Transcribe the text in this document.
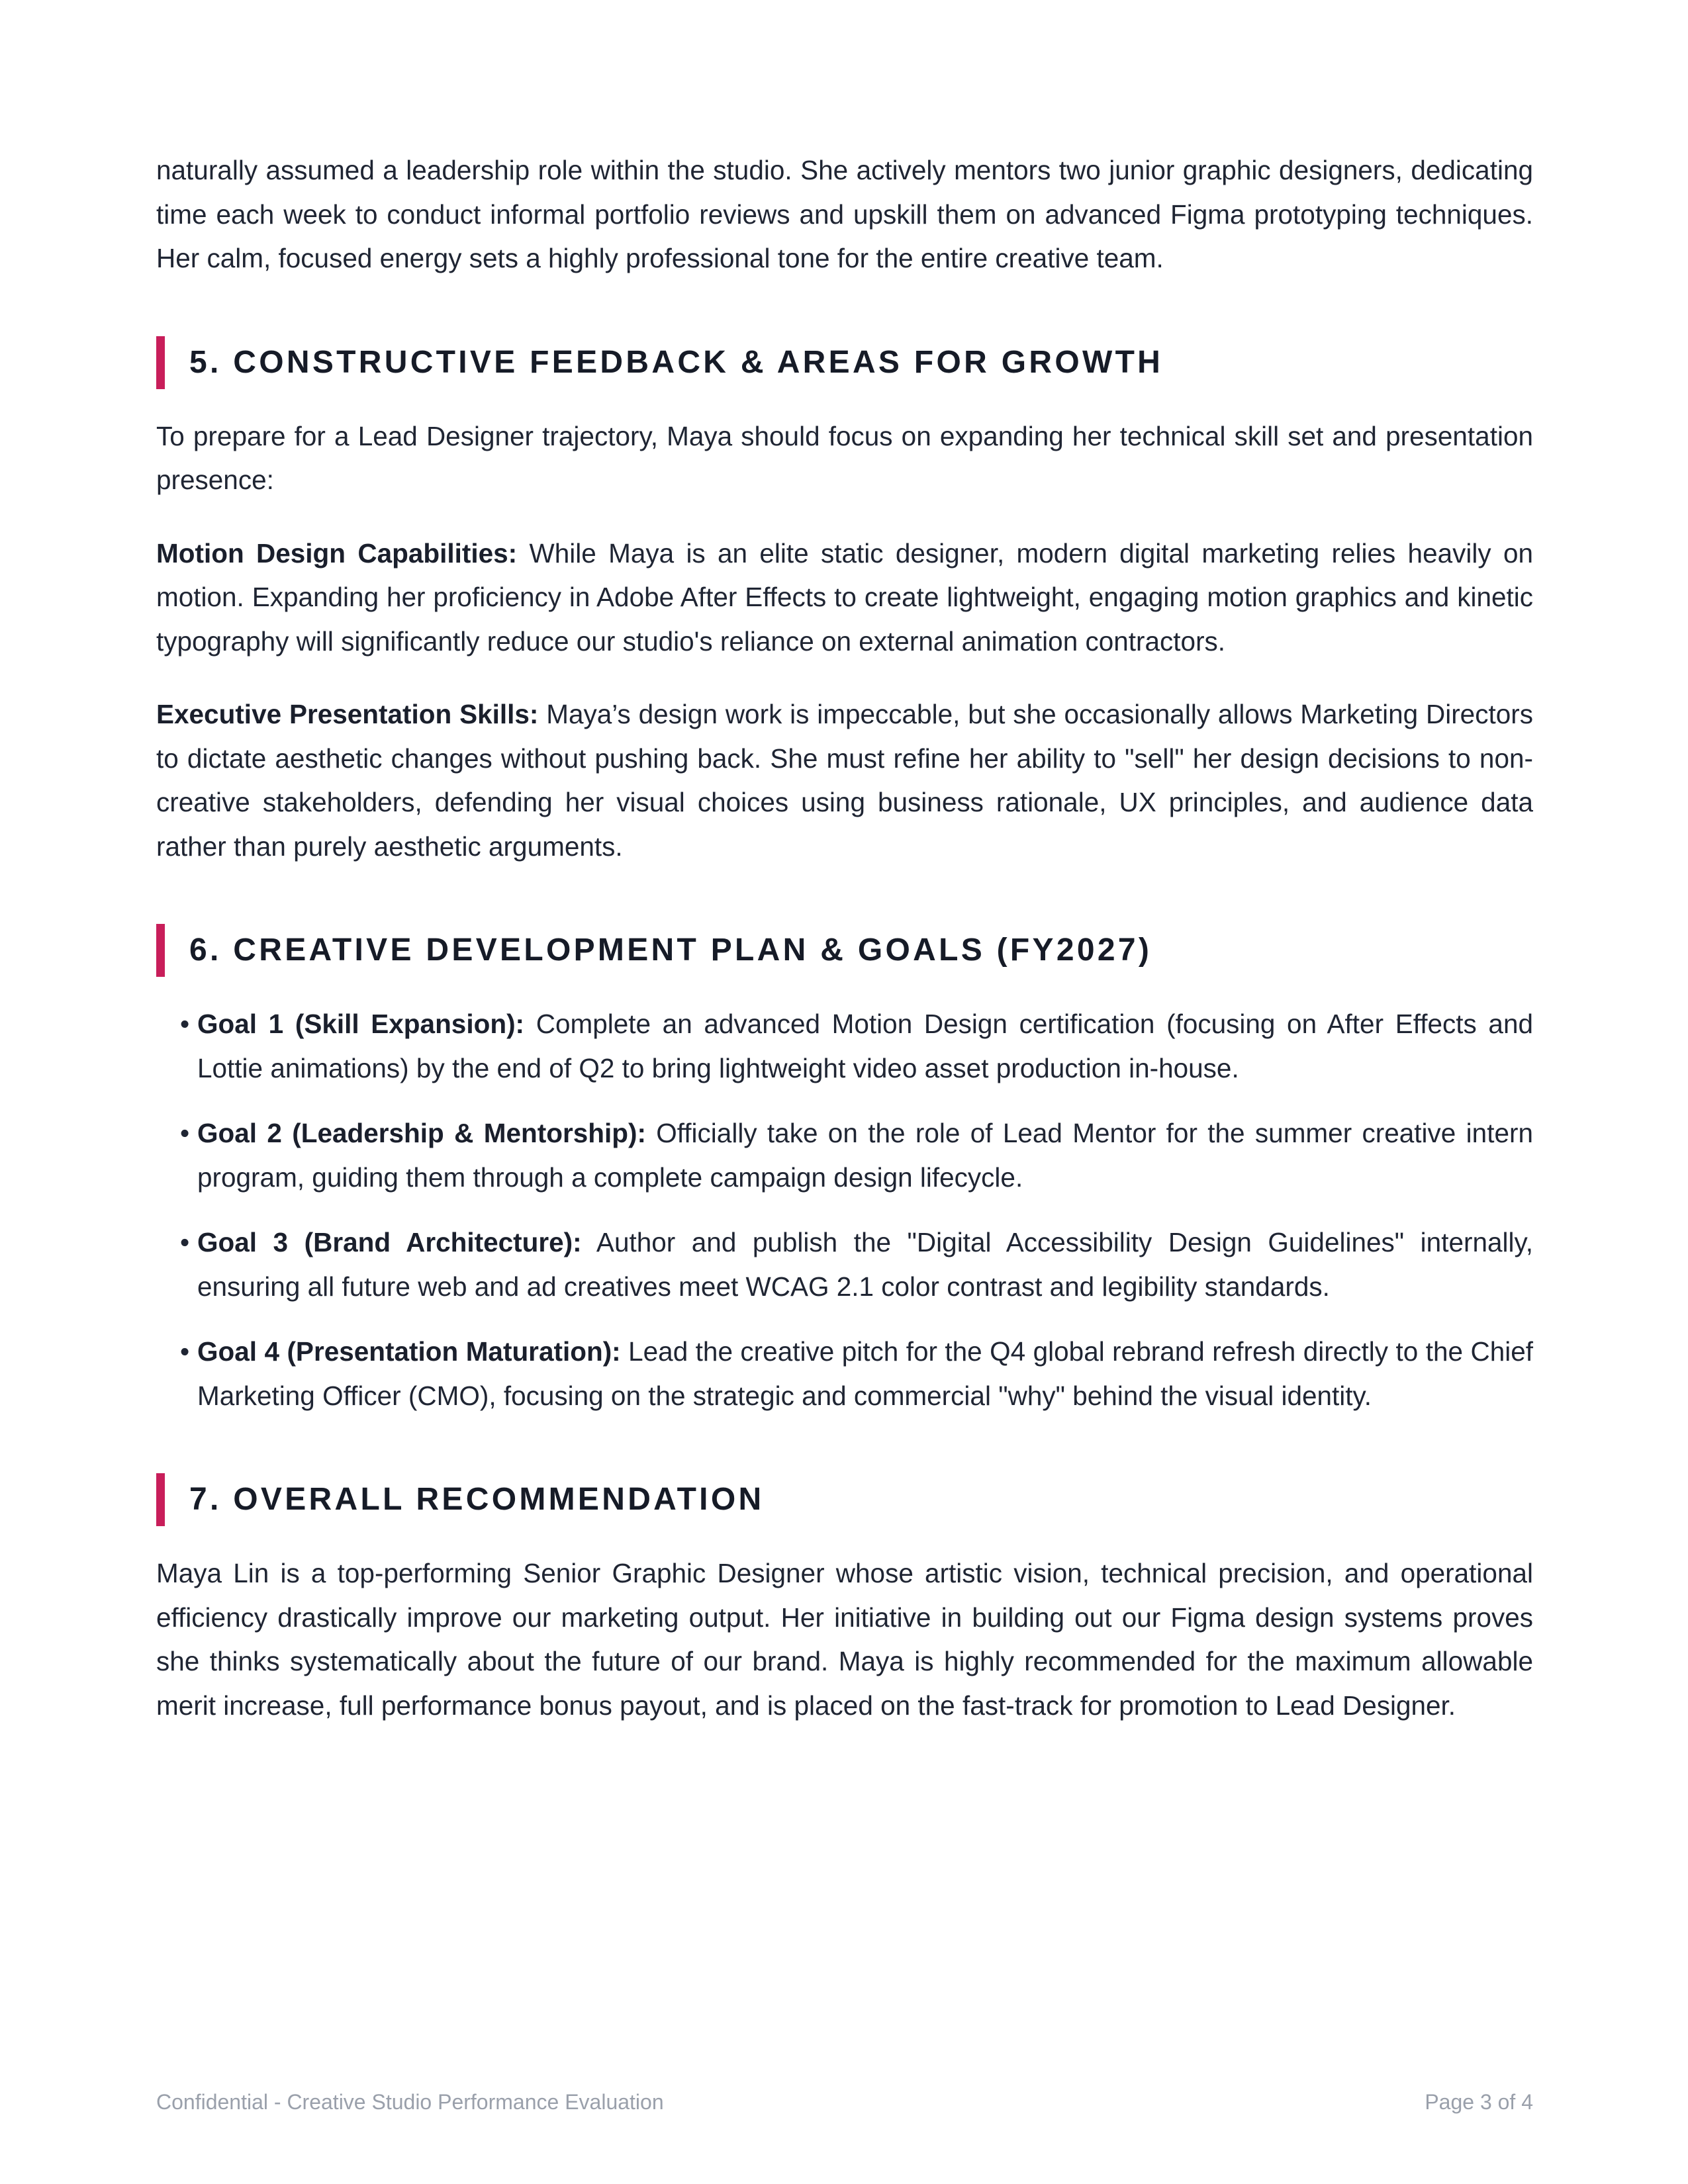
naturally assumed a leadership role within the studio. She actively mentors two junior graphic designers, dedicating time each week to conduct informal portfolio reviews and upskill them on advanced Figma prototyping techniques. Her calm, focused energy sets a highly professional tone for the entire creative team.

5. CONSTRUCTIVE FEEDBACK & AREAS FOR GROWTH

To prepare for a Lead Designer trajectory, Maya should focus on expanding her technical skill set and presentation presence:

Motion Design Capabilities: While Maya is an elite static designer, modern digital marketing relies heavily on motion. Expanding her proficiency in Adobe After Effects to create lightweight, engaging motion graphics and kinetic typography will significantly reduce our studio's reliance on external animation contractors.

Executive Presentation Skills: Maya’s design work is impeccable, but she occasionally allows Marketing Directors to dictate aesthetic changes without pushing back. She must refine her ability to "sell" her design decisions to non-creative stakeholders, defending her visual choices using business rationale, UX principles, and audience data rather than purely aesthetic arguments.

6. CREATIVE DEVELOPMENT PLAN & GOALS (FY2027)
• Goal 1 (Skill Expansion): Complete an advanced Motion Design certification (focusing on After Effects and Lottie animations) by the end of Q2 to bring lightweight video asset production in-house.
• Goal 2 (Leadership & Mentorship): Officially take on the role of Lead Mentor for the summer creative intern program, guiding them through a complete campaign design lifecycle.
• Goal 3 (Brand Architecture): Author and publish the "Digital Accessibility Design Guidelines" internally, ensuring all future web and ad creatives meet WCAG 2.1 color contrast and legibility standards.
• Goal 4 (Presentation Maturation): Lead the creative pitch for the Q4 global rebrand refresh directly to the Chief Marketing Officer (CMO), focusing on the strategic and commercial "why" behind the visual identity.
7. OVERALL RECOMMENDATION

Maya Lin is a top-performing Senior Graphic Designer whose artistic vision, technical precision, and operational efficiency drastically improve our marketing output. Her initiative in building out our Figma design systems proves she thinks systematically about the future of our brand. Maya is highly recommended for the maximum allowable merit increase, full performance bonus payout, and is placed on the fast-track for promotion to Lead Designer.

Confidential - Creative Studio Performance Evaluation	Page 3 of 4
